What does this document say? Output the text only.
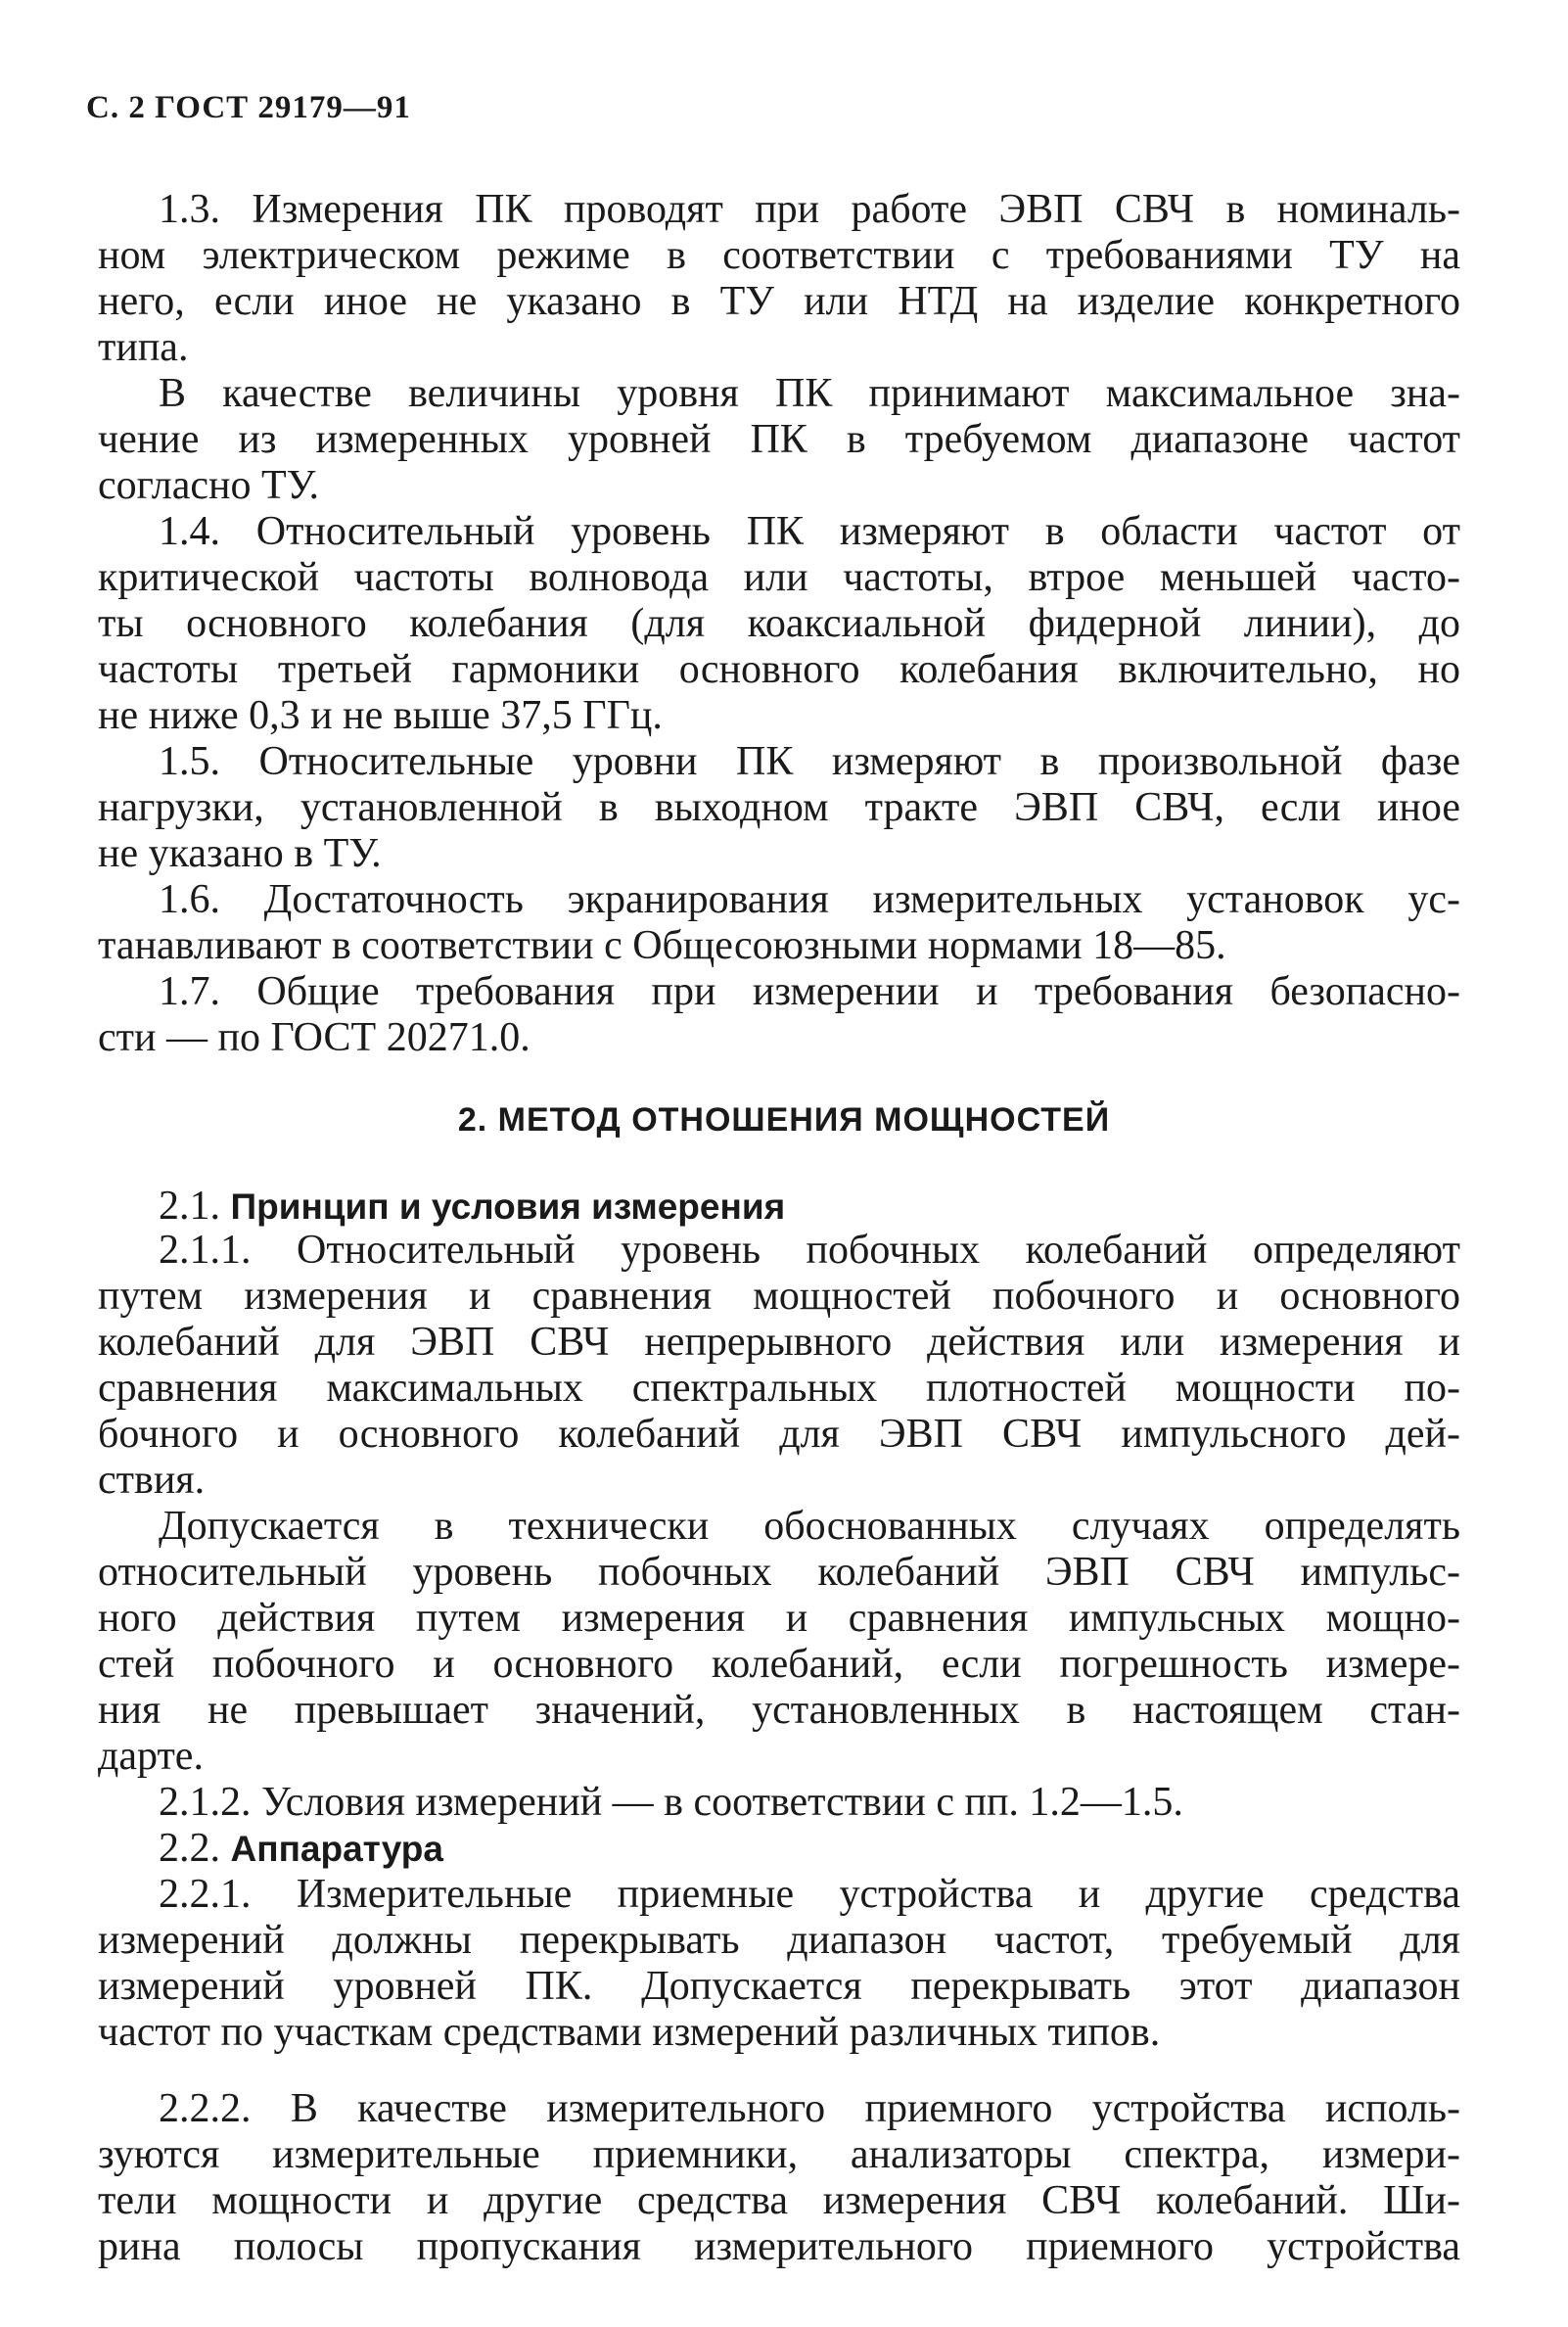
С. 2 ГОСТ 29179—91
1.3. Измерения ПК проводят при работе ЭВП СВЧ в номиналь-
ном электрическом режиме в соответствии с требованиями ТУ на
него, если иное не указано в ТУ или НТД на изделие конкретного
типа.
В качестве величины уровня ПК принимают максимальное зна-
чение из измеренных уровней ПК в требуемом диапазоне частот
согласно ТУ.
1.4. Относительный уровень ПК измеряют в области частот от
критической частоты волновода или частоты, втрое меньшей часто-
ты основного колебания (для коаксиальной фидерной линии), до
частоты третьей гармоники основного колебания включительно, но
не ниже 0,3 и не выше 37,5 ГГц.
1.5. Относительные уровни ПК измеряют в произвольной фазе
нагрузки, установленной в выходном тракте ЭВП СВЧ, если иное
не указано в ТУ.
1.6. Достаточность экранирования измерительных установок ус-
танавливают в соответствии с Общесоюзными нормами 18—85.
1.7. Общие требования при измерении и требования безопасно-
сти — по ГОСТ 20271.0.
2. МЕТОД ОТНОШЕНИЯ МОЩНОСТЕЙ
2.1. Принцип и условия измерения
2.1.1. Относительный уровень побочных колебаний определяют
путем измерения и сравнения мощностей побочного и основного
колебаний для ЭВП СВЧ непрерывного действия или измерения и
сравнения максимальных спектральных плотностей мощности по-
бочного и основного колебаний для ЭВП СВЧ импульсного дей-
ствия.
Допускается в технически обоснованных случаях определять
относительный уровень побочных колебаний ЭВП СВЧ импульс-
ного действия путем измерения и сравнения импульсных мощно-
стей побочного и основного колебаний, если погрешность измере-
ния не превышает значений, установленных в настоящем стан-
дарте.
2.1.2. Условия измерений — в соответствии с пп. 1.2—1.5.
2.2. Аппаратура
2.2.1. Измерительные приемные устройства и другие средства
измерений должны перекрывать диапазон частот, требуемый для
измерений уровней ПК. Допускается перекрывать этот диапазон
частот по участкам средствами измерений различных типов.
2.2.2. В качестве измерительного приемного устройства исполь-
зуются измерительные приемники, анализаторы спектра, измери-
тели мощности и другие средства измерения СВЧ колебаний. Ши-
рина полосы пропускания измерительного приемного устройства
